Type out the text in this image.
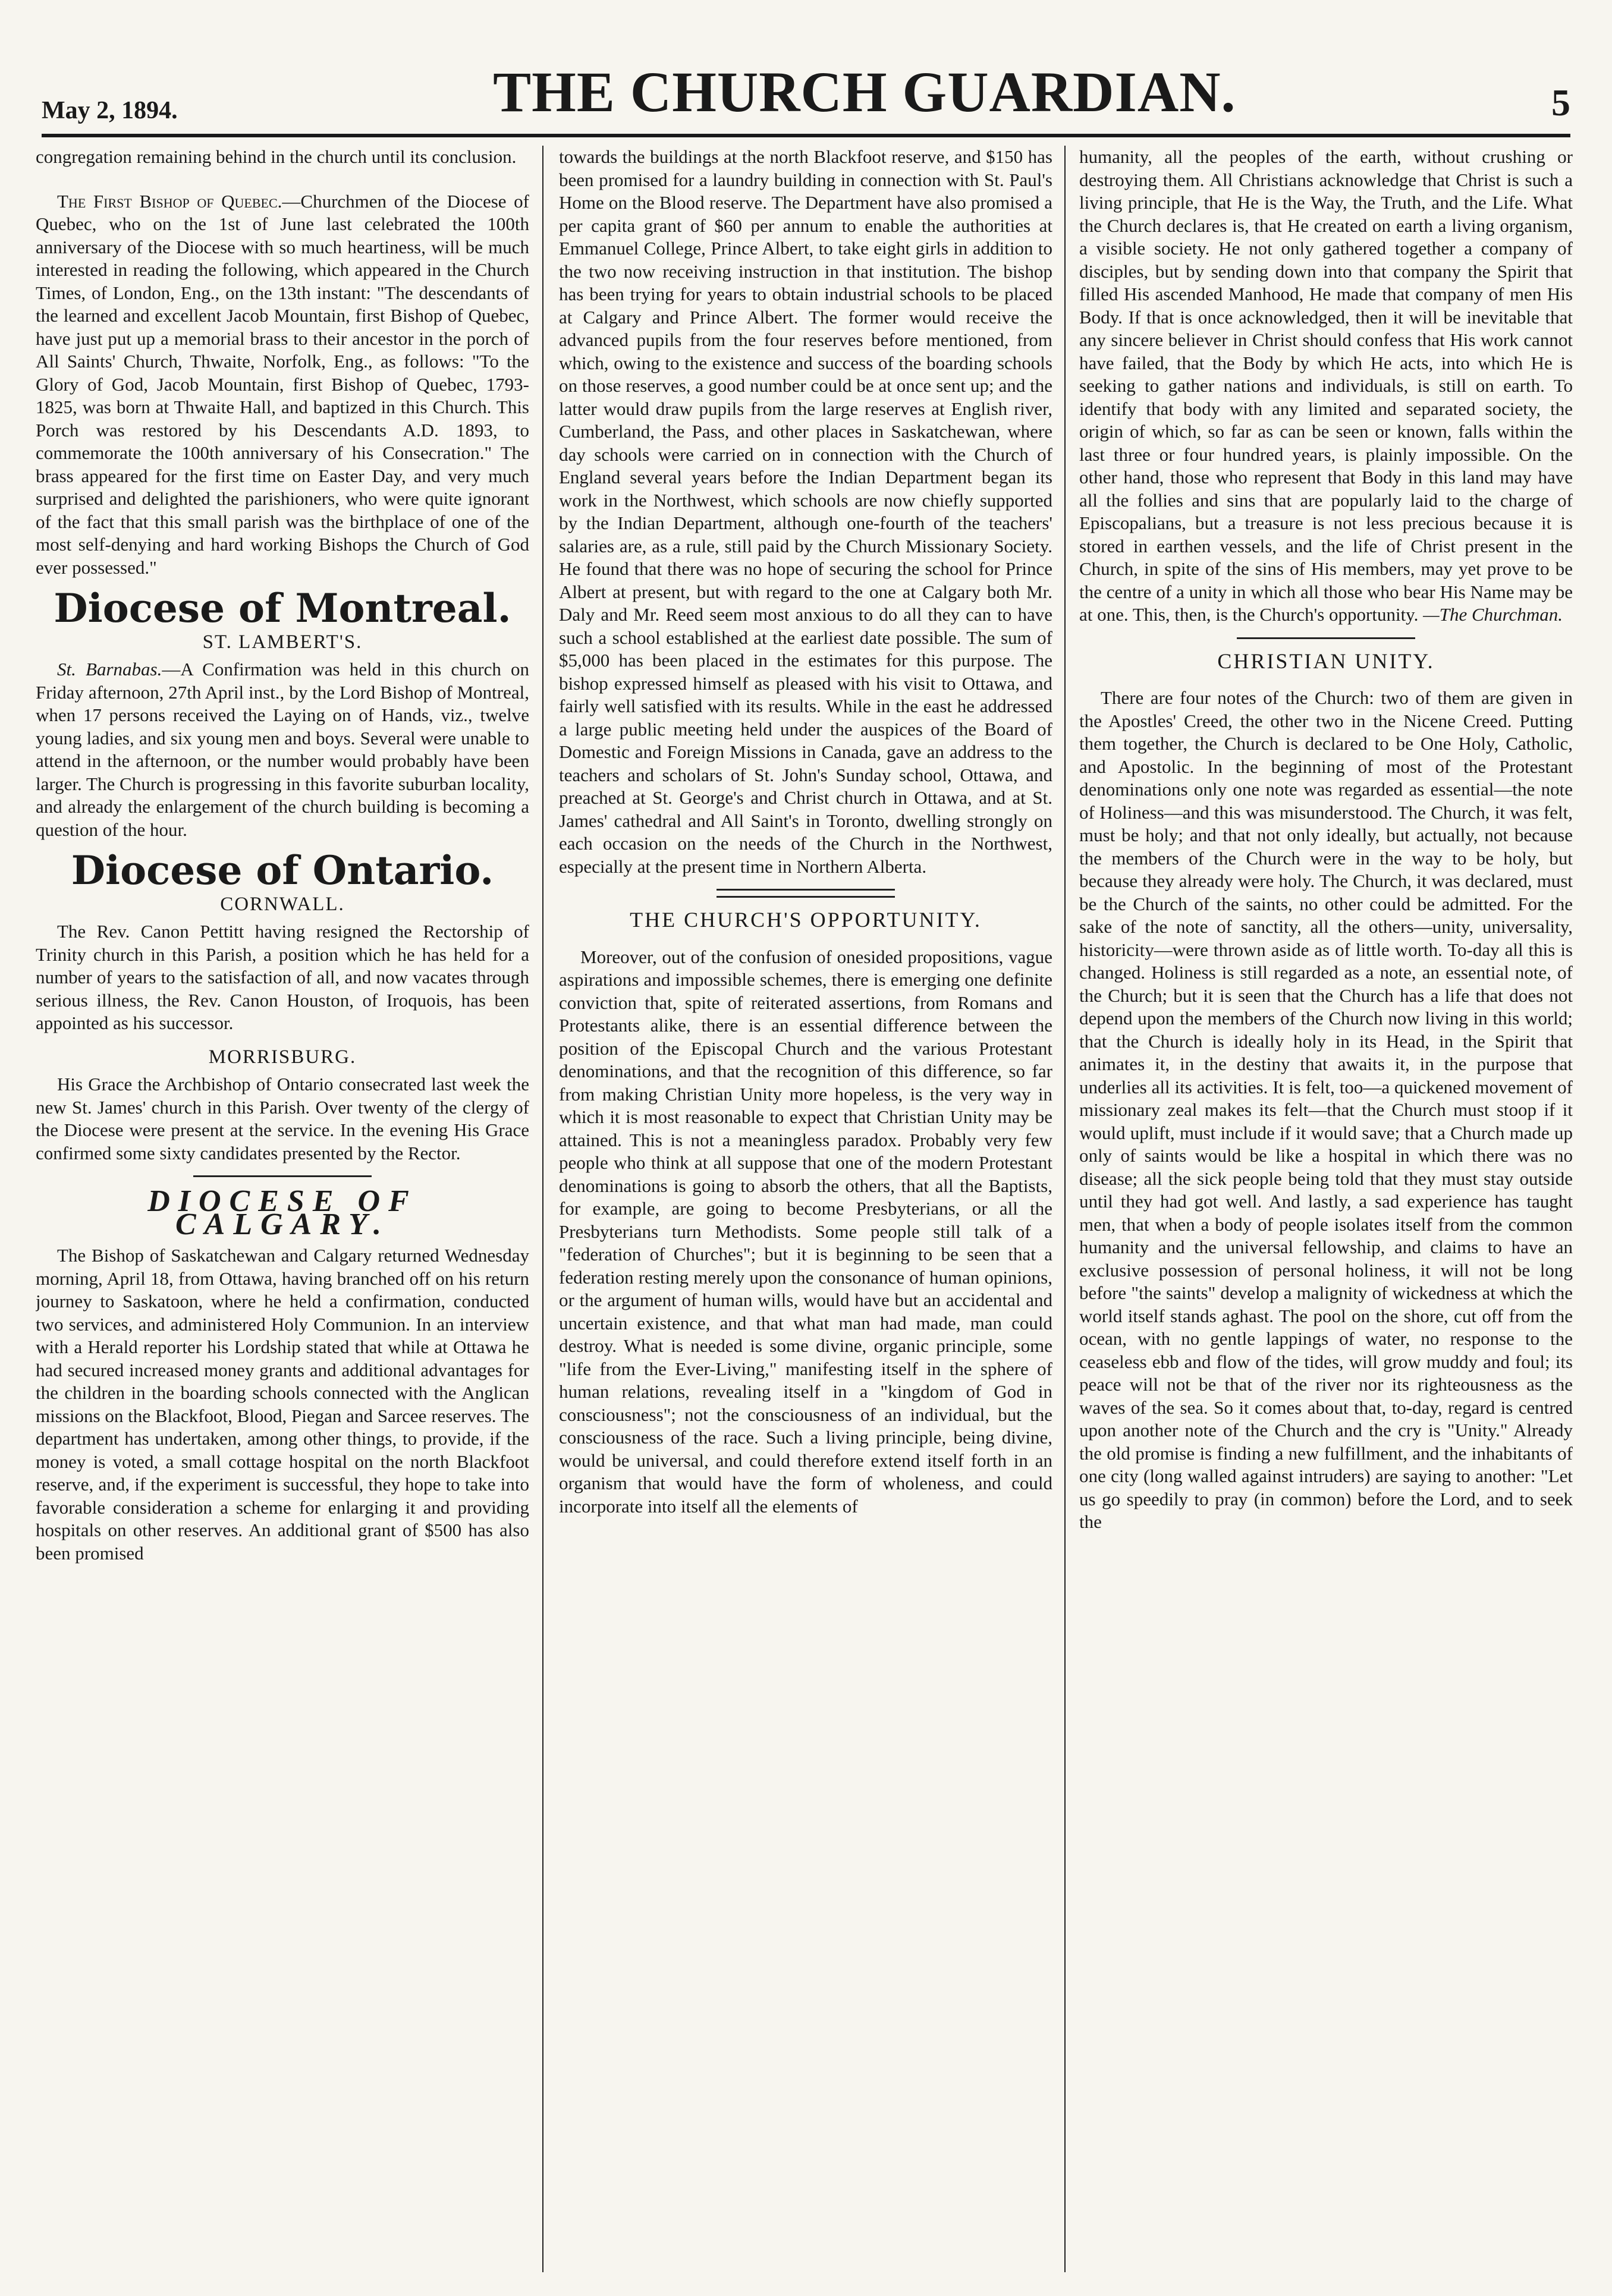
May 2, 1894.	THE CHURCH GUARDIAN.	5

congregation remaining behind in the church until its conclusion.

The First Bishop of Quebec.—Churchmen of the Diocese of Quebec, who on the 1st of June last celebrated the 100th anniversary of the Diocese with so much heartiness, will be much interested in reading the following, which appeared in the Church Times, of London, Eng., on the 13th instant: "The descendants of the learned and excellent Jacob Mountain, first Bishop of Quebec, have just put up a memorial brass to their ancestor in the porch of All Saints' Church, Thwaite, Norfolk, Eng., as follows: "To the Glory of God, Jacob Mountain, first Bishop of Quebec, 1793-1825, was born at Thwaite Hall, and baptized in this Church. This Porch was restored by his Descendants A.D. 1893, to commemorate the 100th anniversary of his Consecration." The brass appeared for the first time on Easter Day, and very much surprised and delighted the parishioners, who were quite ignorant of the fact that this small parish was the birthplace of one of the most self-denying and hard working Bishops the Church of God ever possessed."

Diocese of Montreal.
ST. LAMBERT'S.

St. Barnabas.—A Confirmation was held in this church on Friday afternoon, 27th April inst., by the Lord Bishop of Montreal, when 17 persons received the Laying on of Hands, viz., twelve young ladies, and six young men and boys. Several were unable to attend in the afternoon, or the number would probably have been larger. The Church is progressing in this favorite suburban locality, and already the enlargement of the church building is becoming a question of the hour.

Diocese of Ontario.
CORNWALL.

The Rev. Canon Pettitt having resigned the Rectorship of Trinity church in this Parish, a position which he has held for a number of years to the satisfaction of all, and now vacates through serious illness, the Rev. Canon Houston, of Iroquois, has been appointed as his successor.

MORRISBURG.

His Grace the Archbishop of Ontario consecrated last week the new St. James' church in this Parish. Over twenty of the clergy of the Diocese were present at the service. In the evening His Grace confirmed some sixty candidates presented by the Rector.

DIOCESE OF CALGARY.

The Bishop of Saskatchewan and Calgary returned Wednesday morning, April 18, from Ottawa, having branched off on his return journey to Saskatoon, where he held a confirmation, conducted two services, and administered Holy Communion. In an interview with a Herald reporter his Lordship stated that while at Ottawa he had secured increased money grants and additional advantages for the children in the boarding schools connected with the Anglican missions on the Blackfoot, Blood, Piegan and Sarcee reserves. The department has undertaken, among other things, to provide, if the money is voted, a small cottage hospital on the north Blackfoot reserve, and, if the experiment is successful, they hope to take into favorable consideration a scheme for enlarging it and providing hospitals on other reserves. An additional grant of $500 has also been promised

towards the buildings at the north Blackfoot reserve, and $150 has been promised for a laundry building in connection with St. Paul's Home on the Blood reserve. The Department have also promised a per capita grant of $60 per annum to enable the authorities at Emmanuel College, Prince Albert, to take eight girls in addition to the two now receiving instruction in that institution. The bishop has been trying for years to obtain industrial schools to be placed at Calgary and Prince Albert. The former would receive the advanced pupils from the four reserves before mentioned, from which, owing to the existence and success of the boarding schools on those reserves, a good number could be at once sent up; and the latter would draw pupils from the large reserves at English river, Cumberland, the Pass, and other places in Saskatchewan, where day schools were carried on in connection with the Church of England several years before the Indian Department began its work in the Northwest, which schools are now chiefly supported by the Indian Department, although one-fourth of the teachers' salaries are, as a rule, still paid by the Church Missionary Society. He found that there was no hope of securing the school for Prince Albert at present, but with regard to the one at Calgary both Mr. Daly and Mr. Reed seem most anxious to do all they can to have such a school established at the earliest date possible. The sum of $5,000 has been placed in the estimates for this purpose. The bishop expressed himself as pleased with his visit to Ottawa, and fairly well satisfied with its results. While in the east he addressed a large public meeting held under the auspices of the Board of Domestic and Foreign Missions in Canada, gave an address to the teachers and scholars of St. John's Sunday school, Ottawa, and preached at St. George's and Christ church in Ottawa, and at St. James' cathedral and All Saint's in Toronto, dwelling strongly on each occasion on the needs of the Church in the Northwest, especially at the present time in Northern Alberta.

THE CHURCH'S OPPORTUNITY.

Moreover, out of the confusion of onesided propositions, vague aspirations and impossible schemes, there is emerging one definite conviction that, spite of reiterated assertions, from Romans and Protestants alike, there is an essential difference between the position of the Episcopal Church and the various Protestant denominations, and that the recognition of this difference, so far from making Christian Unity more hopeless, is the very way in which it is most reasonable to expect that Christian Unity may be attained. This is not a meaningless paradox. Probably very few people who think at all suppose that one of the modern Protestant denominations is going to absorb the others, that all the Baptists, for example, are going to become Presbyterians, or all the Presbyterians turn Methodists. Some people still talk of a "federation of Churches"; but it is beginning to be seen that a federation resting merely upon the consonance of human opinions, or the argument of human wills, would have but an accidental and uncertain existence, and that what man had made, man could destroy. What is needed is some divine, organic principle, some "life from the Ever-Living," manifesting itself in the sphere of human relations, revealing itself in a "kingdom of God in consciousness"; not the consciousness of an individual, but the consciousness of the race. Such a living principle, being divine, would be universal, and could therefore extend itself forth in an organism that would have the form of wholeness, and could incorporate into itself all the elements of

humanity, all the peoples of the earth, without crushing or destroying them. All Christians acknowledge that Christ is such a living principle, that He is the Way, the Truth, and the Life. What the Church declares is, that He created on earth a living organism, a visible society. He not only gathered together a company of disciples, but by sending down into that company the Spirit that filled His ascended Manhood, He made that company of men His Body. If that is once acknowledged, then it will be inevitable that any sincere believer in Christ should confess that His work cannot have failed, that the Body by which He acts, into which He is seeking to gather nations and individuals, is still on earth. To identify that body with any limited and separated society, the origin of which, so far as can be seen or known, falls within the last three or four hundred years, is plainly impossible. On the other hand, those who represent that Body in this land may have all the follies and sins that are popularly laid to the charge of Episcopalians, but a treasure is not less precious because it is stored in earthen vessels, and the life of Christ present in the Church, in spite of the sins of His members, may yet prove to be the centre of a unity in which all those who bear His Name may be at one. This, then, is the Church's opportunity. —The Churchman.

CHRISTIAN UNITY.

There are four notes of the Church: two of them are given in the Apostles' Creed, the other two in the Nicene Creed. Putting them together, the Church is declared to be One Holy, Catholic, and Apostolic. In the beginning of most of the Protestant denominations only one note was regarded as essential—the note of Holiness—and this was misunderstood. The Church, it was felt, must be holy; and that not only ideally, but actually, not because the members of the Church were in the way to be holy, but because they already were holy. The Church, it was declared, must be the Church of the saints, no other could be admitted. For the sake of the note of sanctity, all the others—unity, universality, historicity—were thrown aside as of little worth. To-day all this is changed. Holiness is still regarded as a note, an essential note, of the Church; but it is seen that the Church has a life that does not depend upon the members of the Church now living in this world; that the Church is ideally holy in its Head, in the Spirit that animates it, in the destiny that awaits it, in the purpose that underlies all its activities. It is felt, too—a quickened movement of missionary zeal makes its felt—that the Church must stoop if it would uplift, must include if it would save; that a Church made up only of saints would be like a hospital in which there was no disease; all the sick people being told that they must stay outside until they had got well. And lastly, a sad experience has taught men, that when a body of people isolates itself from the common humanity and the universal fellowship, and claims to have an exclusive possession of personal holiness, it will not be long before "the saints" develop a malignity of wickedness at which the world itself stands aghast. The pool on the shore, cut off from the ocean, with no gentle lappings of water, no response to the ceaseless ebb and flow of the tides, will grow muddy and foul; its peace will not be that of the river nor its righteousness as the waves of the sea. So it comes about that, to-day, regard is centred upon another note of the Church and the cry is "Unity." Already the old promise is finding a new fulfillment, and the inhabitants of one city (long walled against intruders) are saying to another: "Let us go speedily to pray (in common) before the Lord, and to seek the
